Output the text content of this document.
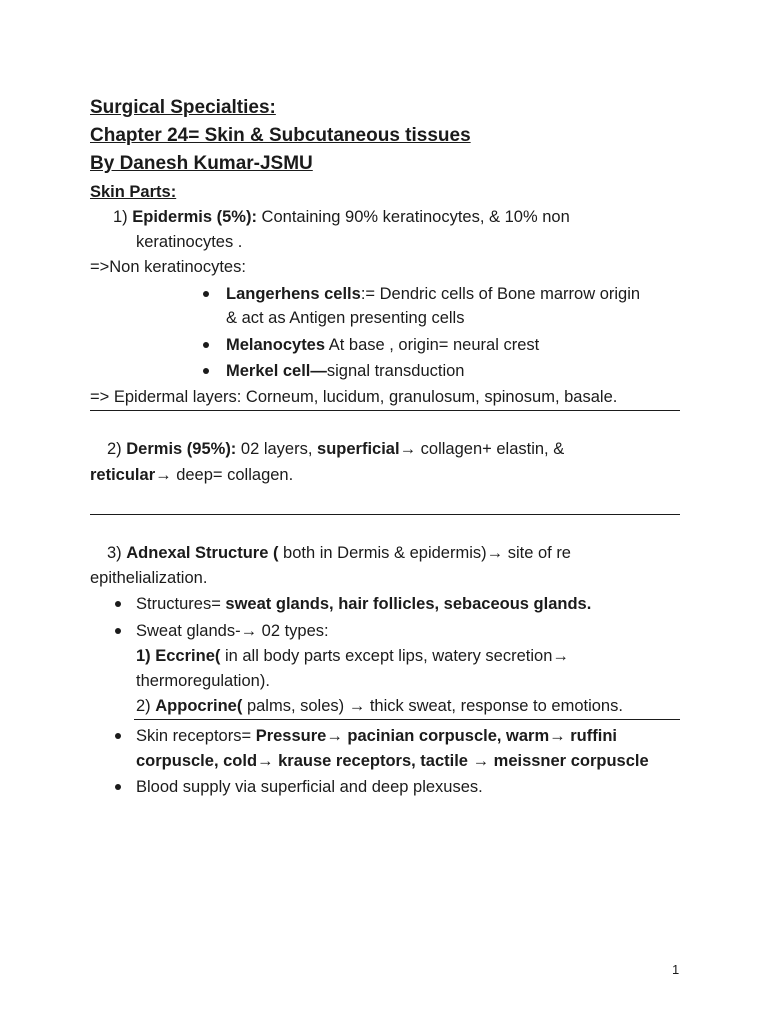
Surgical Specialties:
Chapter 24= Skin & Subcutaneous tissues
By Danesh Kumar-JSMU
Skin Parts:
1) Epidermis (5%): Containing 90% keratinocytes, & 10% non
keratinocytes .
=>Non keratinocytes:
Langerhens cells:= Dendric cells of Bone marrow origin
& act as Antigen presenting cells
Melanocytes At base , origin= neural crest
Merkel cell—signal transduction
=> Epidermal layers: Corneum, lucidum, granulosum, spinosum, basale.
2) Dermis (95%): 02 layers, superficial→ collagen+ elastin, &
reticular→ deep= collagen.
3) Adnexal Structure ( both in Dermis & epidermis)→ site of re
epithelialization.
Structures= sweat glands, hair follicles, sebaceous glands.
Sweat glands-→ 02 types:
1) Eccrine( in all body parts except lips, watery secretion→
thermoregulation).
2) Appocrine( palms, soles) → thick sweat, response to emotions.
Skin receptors= Pressure→ pacinian corpuscle, warm→ ruffini
corpuscle, cold→ krause receptors, tactile → meissner corpuscle
Blood supply via superficial and deep plexuses.
1
